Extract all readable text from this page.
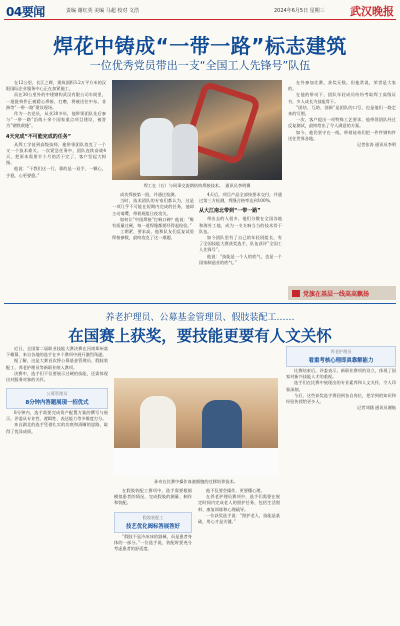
04要闻	责编 谢红英 美编 马超 校对 文浩	2024年6月5日 星期三 武汉晚报
焊花中铸成“一带一路”标志建筑
一位优秀党员带出一支“全国工人先锋号”队伍

在12公里，长江之畔，建筑面积3.2万平方米的汉阳国际企业服务中心正在加紧施工。

而在30公里外的中建钢构武汉有限公司车间里，一批批构件正被精心焊接、打磨，将被送往中东、非洲等“一带一路”建设现场。

作为一名党员，从业20多年，他带领团队先后参与“一带一路”沿线十余个国家重点项目建设，被誉为“钢铁裁缝”。

4天完成“不可能完成的任务”

从焊工学徒到高级技师，他带领团队攻克了一个又一个技术难关。一次紧急任务中，团队连续奋战4天，把原本需要半个月的活干完了，客户竖起大拇指。

他说：“干我们这一行，靠的是一双手、一颗心，手稳，心更要稳。”

焊工在（右）与同事交流钢结构焊接技术。　通讯员李明摄

成功焊接第一批，并通过检测。

当时，技术团队的专家们都认为，这是一项几乎不可能在短期内完成的任务，他却主动请缨，带着班组日夜攻关。

如何让“中国焊接”打响口碑？他说：“唯有质量过硬，每一道焊缝都要经得起检验。”

工期紧、要求高，他和队友们反复试验焊接参数，最终攻克了这一难题。

4天后，项目产品全部按要求交付，并通过第三方检测，焊缝合格率达到100%。

从大江南北带到“一带一路”

带出去的人很多，他们分散在全国各地和海外工地，成为一支支响当当的技术骨干队伍。

如今团队里有了自己的年轻班组长，有了全国技能大赛获奖选手，队伍获评“全国工人先锋号”。

他说：“技能是一个人的底气，也是一个国家制造业的底气。”

在外参加比赛，获奖无数。但他常说，荣誉是大家的。

在他的带动下，团队年轻成员纷纷考取焊工高级证书，多人成长为技能骨干。

“团结、互助、创新”是团队的口号，也是他们一路走来的写照。

一次，客户提出一项特殊工艺要求，他带领团队经过反复测试，最终给出了令人满意的方案。

如今，他仍坚守在一线，带着徒弟们把一件件钢构件送往世界各地。

记者张涛 通讯员李明

党旗在基层一线高高飘扬
养老护理员、公募基金管理员、假肢装配工……
在国赛上获奖，要技能更要有人文关怀

近日，全国第二届职业技能大赛决赛在河南郑州落下帷幕，来自各地的选手在多个赛项中展开激烈角逐。

据了解，这是大赛首次将公募基金管理员、假肢装配工、养老护理员等新职业纳入赛项。

决赛中，选手们不仅要展示过硬的技能，还需体现出对服务对象的关怀。

公募管理员
8分钟内答题展现一招优式

8分钟内，选手需要完成资产配置方案的撰写与展示，评委从专业性、逻辑性、表达能力等多维度打分。

来自湖北的选手凭借扎实的功底和清晰的思路，取得了优异成绩。

孙奇在比赛中操作血液细胞的迁移培养技术。

在假肢装配工赛项中，选手需要根据模拟患者的情况，完成假肢的测量、制作和装配。

假肢装配工
技艺优化阀标答展答好

“假肢不是冷冰冰的器械，而是患者身体的一部分。”一位选手说，装配时要充分考虑患者的舒适度。

他不仅要会操作，更要懂心理。

在养老护理员赛项中，选手们需要在规定时间内完成老人的照护任务，包括生活照料、康复训练和心理疏导。

一位获奖选手说：“照护老人，技能是基础，用心才是关键。”

养老护理员
看重考核心理即真靠解能力

比赛结束后，评委表示，新职业赛项的设立，体现了国家对新兴技能人才的重视。

选手们在比赛中展现出的专业素养和人文关怀，令人印象深刻。

今后，这些获奖选手将回到各自岗位，把学到的知识和经验传授给更多人。

记者刘涵 通讯员谢航
